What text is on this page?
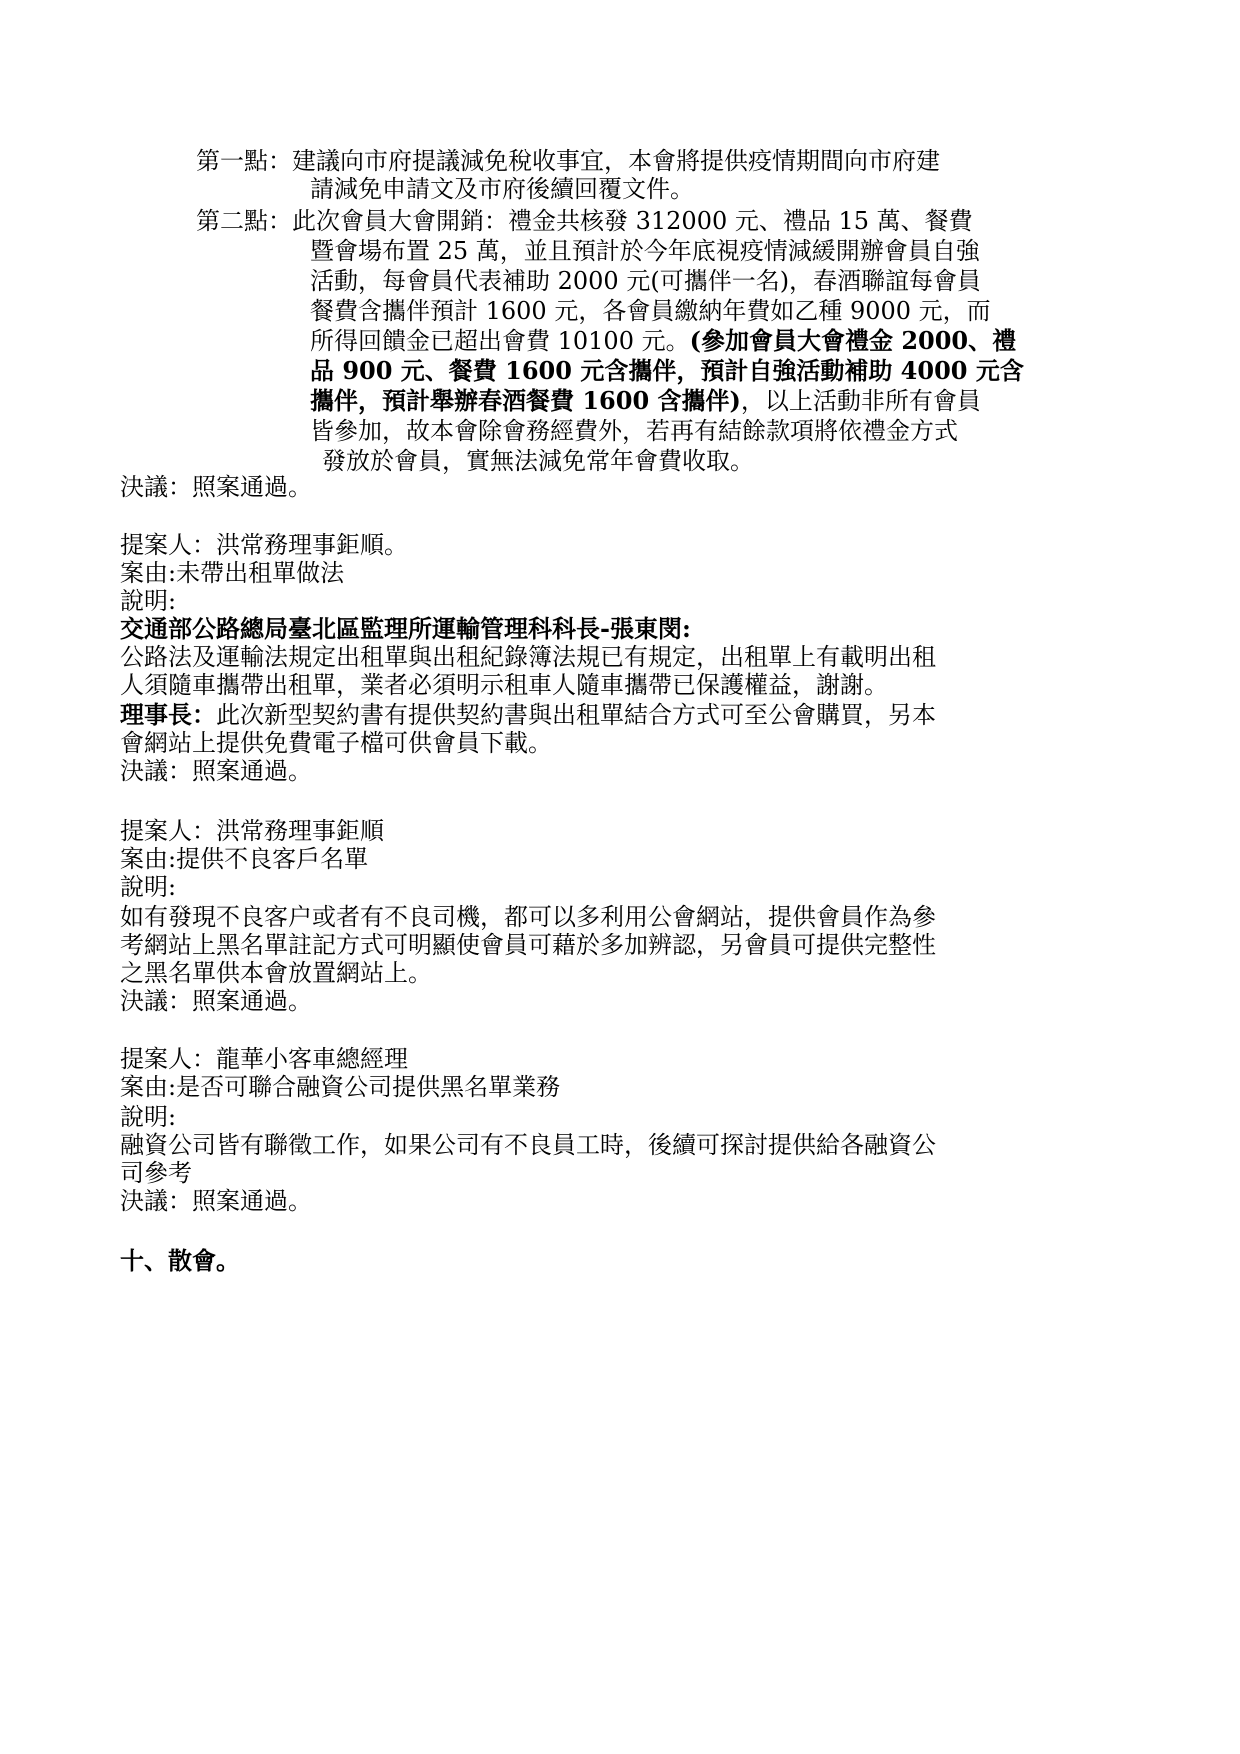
第一點：建議向市府提議減免稅收事宜，本會將提供疫情期間向市府建
請減免申請文及市府後續回覆文件。
第二點：此次會員大會開銷：禮金共核發 312000 元、禮品 15 萬、餐費
暨會場布置 25 萬，並且預計於今年底視疫情減緩開辦會員自強
活動，每會員代表補助 2000 元(可攜伴一名)，春酒聯誼每會員
餐費含攜伴預計 1600 元，各會員繳納年費如乙種 9000 元，而
所得回饋金已超出會費 10100 元。(參加會員大會禮金 2000、禮
品 900 元、餐費 1600 元含攜伴，預計自強活動補助 4000 元含
攜伴，預計舉辦春酒餐費 1600 含攜伴)，以上活動非所有會員
皆參加，故本會除會務經費外，若再有結餘款項將依禮金方式
發放於會員，實無法減免常年會費收取。
決議：照案通過。
提案人：洪常務理事鉅順。
案由:未帶出租單做法
說明:
交通部公路總局臺北區監理所運輸管理科科長-張東閔:
公路法及運輸法規定出租單與出租紀錄簿法規已有規定，出租單上有載明出租
人須隨車攜帶出租單，業者必須明示租車人隨車攜帶已保護權益，謝謝。
理事長：此次新型契約書有提供契約書與出租單結合方式可至公會購買，另本
會網站上提供免費電子檔可供會員下載。
決議：照案通過。
提案人：洪常務理事鉅順
案由:提供不良客戶名單
說明:
如有發現不良客户或者有不良司機，都可以多利用公會網站，提供會員作為參
考網站上黑名單註記方式可明顯使會員可藉於多加辨認，另會員可提供完整性
之黑名單供本會放置網站上。
決議：照案通過。
提案人：龍華小客車總經理
案由:是否可聯合融資公司提供黑名單業務
說明:
融資公司皆有聯徵工作，如果公司有不良員工時，後續可探討提供給各融資公
司參考
決議：照案通過。
十、散會。
